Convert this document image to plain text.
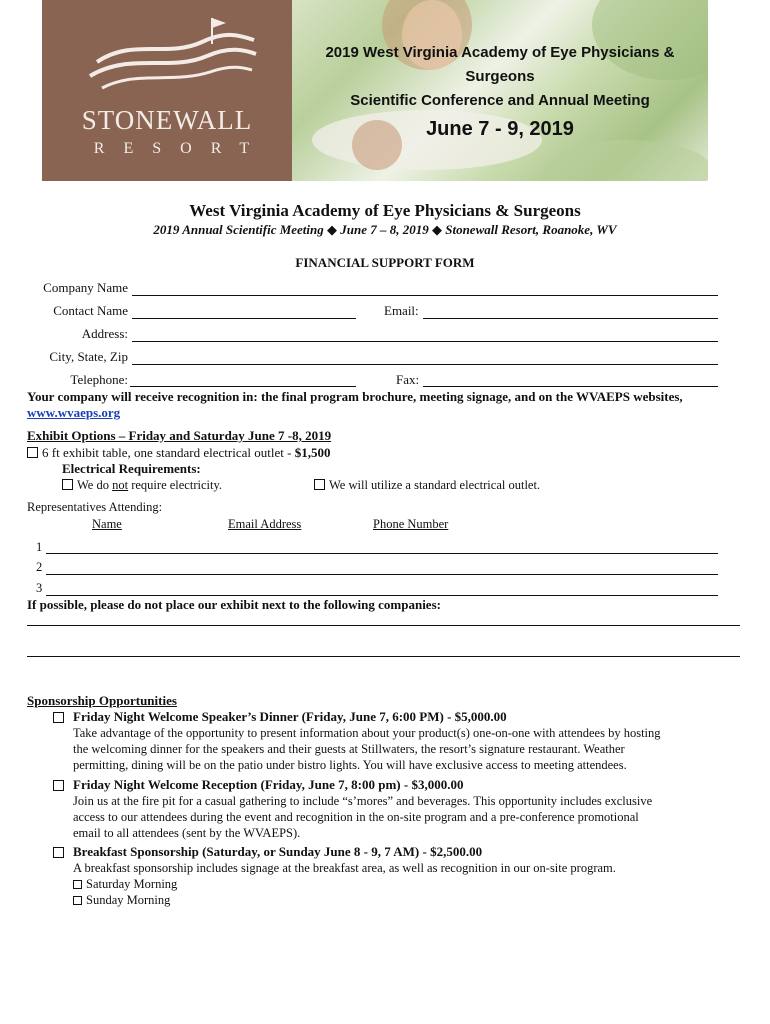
STONEWALL
RESORT
2019 West Virginia Academy of Eye Physicians &
Surgeons
Scientific Conference and Annual Meeting
June 7 - 9, 2019
West Virginia Academy of Eye Physicians & Surgeons
2019 Annual Scientific Meeting ◆ June 7 – 8, 2019 ◆ Stonewall Resort, Roanoke, WV
FINANCIAL SUPPORT FORM
Company Name
Contact Name	Email:
Address:
City, State, Zip
Telephone:	Fax:
Your company will receive recognition in: the final program brochure, meeting signage, and on the WVAEPS websites,
www.wvaeps.org
Exhibit Options – Friday and Saturday June 7 -8, 2019
6 ft exhibit table, one standard electrical outlet - $1,500
Electrical Requirements:
We do not require electricity.	We will utilize a standard electrical outlet.
Representatives Attending:
Name	Email Address	Phone Number
1
2
3
If possible, please do not place our exhibit next to the following companies:
Sponsorship Opportunities
Friday Night Welcome Speaker’s Dinner (Friday, June 7, 6:00 PM) - $5,000.00
Take advantage of the opportunity to present information about your product(s) one-on-one with attendees by hosting
the welcoming dinner for the speakers and their guests at Stillwaters, the resort’s signature restaurant. Weather
permitting, dining will be on the patio under bistro lights. You will have exclusive access to meeting attendees.
Friday Night Welcome Reception (Friday, June 7, 8:00 pm) - $3,000.00
Join us at the fire pit for a casual gathering to include “s’mores” and beverages. This opportunity includes exclusive
access to our attendees during the event and recognition in the on-site program and a pre-conference promotional
email to all attendees (sent by the WVAEPS).
Breakfast Sponsorship (Saturday, or Sunday June 8 - 9, 7 AM) - $2,500.00
A breakfast sponsorship includes signage at the breakfast area, as well as recognition in our on-site program.
Saturday Morning
Sunday Morning
